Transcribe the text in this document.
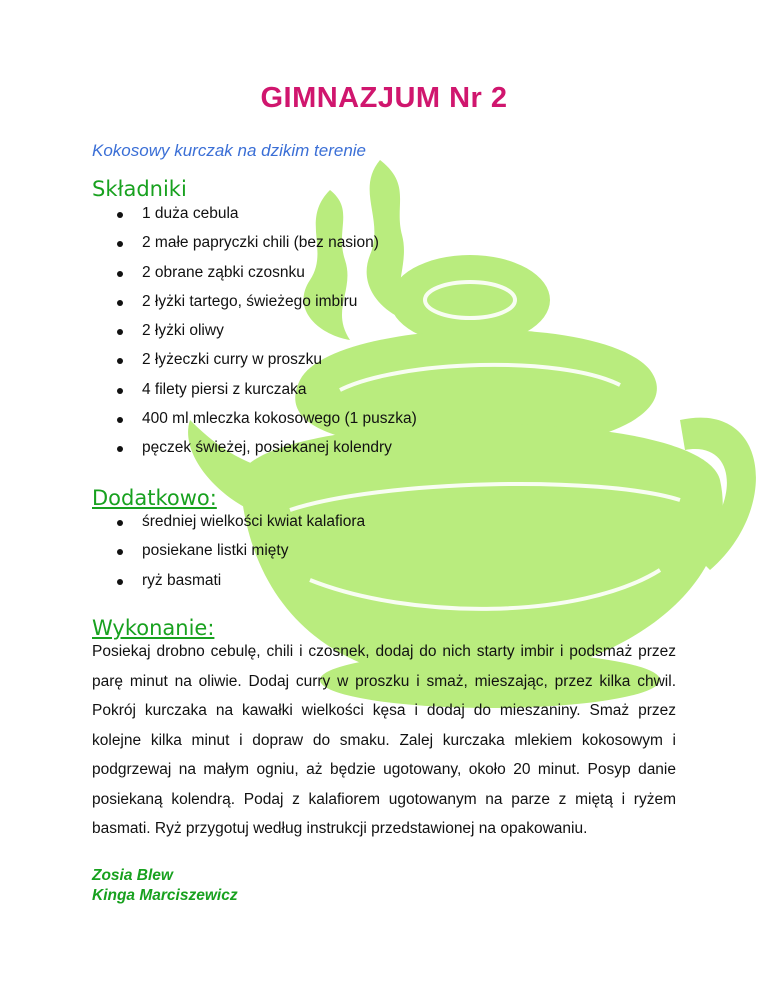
GIMNAZJUM Nr 2
Kokosowy kurczak na dzikim terenie
Składniki
1 duża cebula
2 małe papryczki chili (bez nasion)
2 obrane ząbki czosnku
2 łyżki tartego, świeżego imbiru
2 łyżki oliwy
2 łyżeczki curry w proszku
4 filety piersi z kurczaka
400 ml mleczka kokosowego (1 puszka)
pęczek świeżej, posiekanej kolendry
Dodatkowo:
średniej wielkości kwiat kalafiora
posiekane listki mięty
ryż basmati
Wykonanie:

Posiekaj drobno cebulę, chili i czosnek, dodaj do nich starty imbir i podsmaż przez parę minut na oliwie. Dodaj curry w proszku i smaż, mieszając, przez kilka chwil. Pokrój kurczaka na kawałki wielkości kęsa i dodaj do mieszaniny. Smaż przez kolejne kilka minut i dopraw do smaku. Zalej kurczaka mlekiem kokosowym i podgrzewaj na małym ogniu, aż będzie ugotowany, około 20 minut. Posyp danie posiekaną kolendrą. Podaj z kalafiorem ugotowanym na parze z miętą i ryżem basmati. Ryż przygotuj według instrukcji przedstawionej na opakowaniu.

Zosia Blew
Kinga Marciszewicz
